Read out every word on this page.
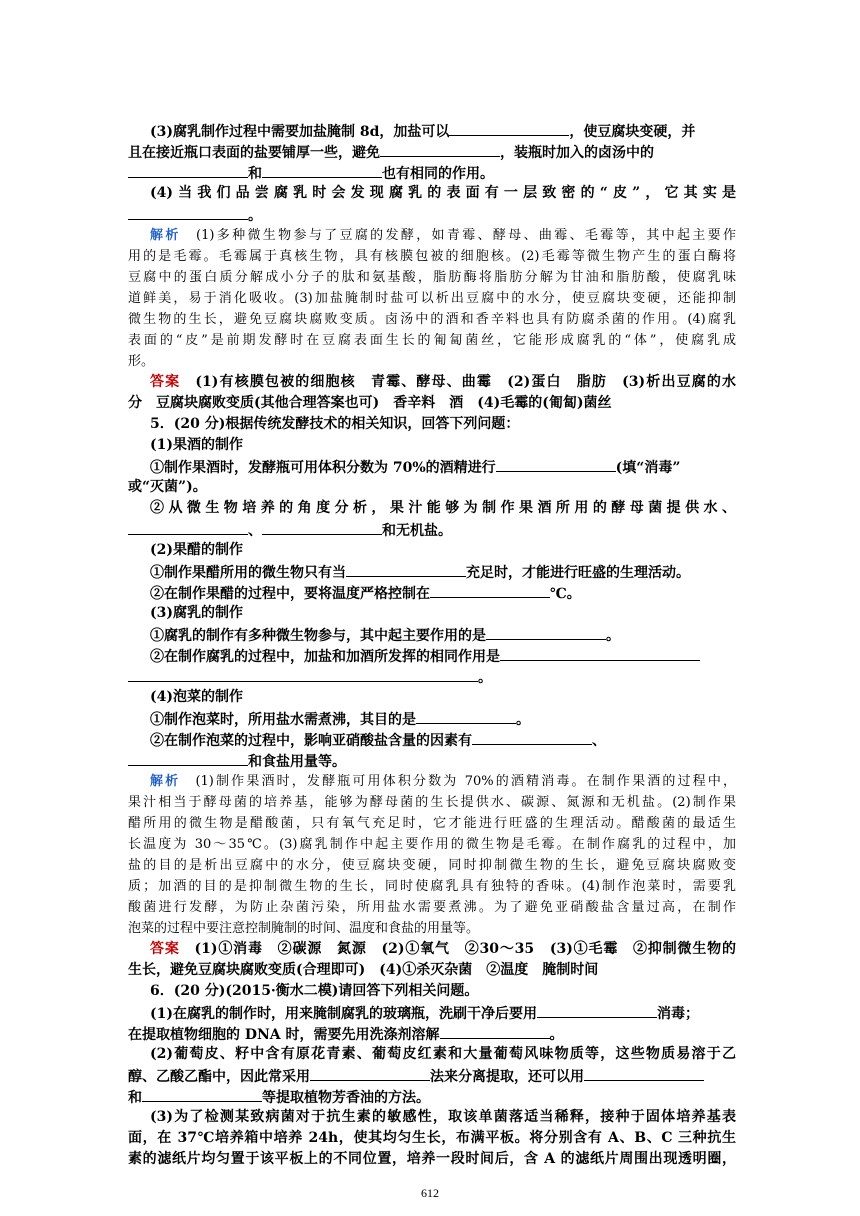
(3)腐乳制作过程中需要加盐腌制 8d，加盐可以	，使豆腐块变硬，并
且在接近瓶口表面的盐要铺厚一些，避免	，装瓶时加入的卤汤中的
和	也有相同的作用。
(4)当我们品尝腐乳时会发现腐乳的表面有一层致密的“皮”，它其实是
。
解析　 (1)多种微生物参与了豆腐的发酵，如青霉、酵母、曲霉、毛霉等，其中起主要作
用的是毛霉。毛霉属于真核生物，具有核膜包被的细胞核。(2)毛霉等微生物产生的蛋白酶将
豆腐中的蛋白质分解成小分子的肽和氨基酸，脂肪酶将脂肪分解为甘油和脂肪酸，使腐乳味
道鲜美，易于消化吸收。(3)加盐腌制时盐可以析出豆腐中的水分，使豆腐块变硬，还能抑制
微生物的生长，避免豆腐块腐败变质。卤汤中的酒和香辛料也具有防腐杀菌的作用。(4)腐乳
表面的“皮”是前期发酵时在豆腐表面生长的匍匐菌丝，它能形成腐乳的“体”，使腐乳成
形。
答案　 (1)有核膜包被的细胞核　青霉、酵母、曲霉　(2)蛋白　脂肪　(3)析出豆腐的水
分　豆腐块腐败变质(其他合理答案也可)　香辛料　酒　(4)毛霉的(匍匐)菌丝
5．(20 分)根据传统发酵技术的相关知识，回答下列问题：
(1)果酒的制作
①制作果酒时，发酵瓶可用体积分数为 70%的酒精进行	(填“消毒”
或“灭菌”)。
②从微生物培养的角度分析，果汁能够为制作果酒所用的酵母菌提供水、
、	和无机盐。
(2)果醋的制作
①制作果醋所用的微生物只有当	充足时，才能进行旺盛的生理活动。
②在制作果醋的过程中，要将温度严格控制在	℃。
(3)腐乳的制作
①腐乳的制作有多种微生物参与，其中起主要作用的是	。
②在制作腐乳的过程中，加盐和加酒所发挥的相同作用是
。
(4)泡菜的制作
①制作泡菜时，所用盐水需煮沸，其目的是	。
②在制作泡菜的过程中，影响亚硝酸盐含量的因素有	、
和食盐用量等。
解析　 (1)制作果酒时，发酵瓶可用体积分数为 70%的酒精消毒。在制作果酒的过程中，
果汁相当于酵母菌的培养基，能够为酵母菌的生长提供水、碳源、氮源和无机盐。(2)制作果
醋所用的微生物是醋酸菌，只有氧气充足时，它才能进行旺盛的生理活动。醋酸菌的最适生
长温度为 30～35℃。(3)腐乳制作中起主要作用的微生物是毛霉。在制作腐乳的过程中，加
盐的目的是析出豆腐中的水分，使豆腐块变硬，同时抑制微生物的生长，避免豆腐块腐败变
质；加酒的目的是抑制微生物的生长，同时使腐乳具有独特的香味。(4)制作泡菜时，需要乳
酸菌进行发酵，为防止杂菌污染，所用盐水需要煮沸。为了避免亚硝酸盐含量过高，在制作
泡菜的过程中要注意控制腌制的时间、温度和食盐的用量等。
答案　 (1)①消毒　②碳源　氮源　(2)①氧气　②30～35　(3)①毛霉　②抑制微生物的
生长，避免豆腐块腐败变质(合理即可)　(4)①杀灭杂菌　②温度　腌制时间
6．(20 分)(2015·衡水二模)请回答下列相关问题。
(1)在腐乳的制作时，用来腌制腐乳的玻璃瓶，洗刷干净后要用	消毒；
在提取植物细胞的 DNA 时，需要先用洗涤剂溶解	。
(2)葡萄皮、籽中含有原花青素、葡萄皮红素和大量葡萄风味物质等，这些物质易溶于乙
醇、乙酸乙酯中，因此常采用	法来分离提取，还可以用
和	等提取植物芳香油的方法。
(3)为了检测某致病菌对于抗生素的敏感性，取该单菌落适当稀释，接种于固体培养基表
面，在 37℃培养箱中培养 24h，使其均匀生长，布满平板。将分别含有 A、B、C 三种抗生
素的滤纸片均匀置于该平板上的不同位置，培养一段时间后，含 A 的滤纸片周围出现透明圈，
612
